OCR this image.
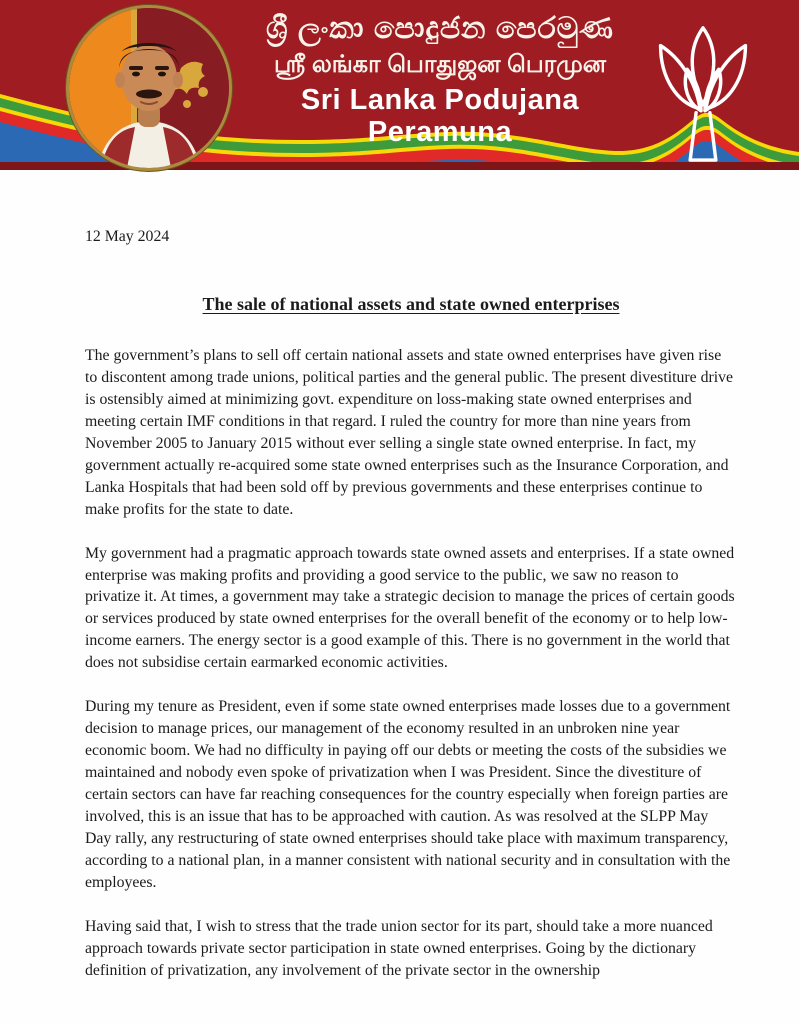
ශ්‍රී ලංකා පොදුජන පෙරමුණ
ஸ்ரீ லங்கா பொதுஜன பெரமுன
Sri Lanka Podujana Peramuna

12 May 2024

The sale of national assets and state owned enterprises

The government’s plans to sell off certain national assets and state owned enterprises have given rise to discontent among trade unions, political parties and the general public. The present divestiture drive is ostensibly aimed at minimizing govt. expenditure on loss-making state owned enterprises and meeting certain IMF conditions in that regard. I ruled the country for more than nine years from November 2005 to January 2015 without ever selling a single state owned enterprise. In fact, my government actually re-acquired some state owned enterprises such as the Insurance Corporation, and Lanka Hospitals that had been sold off by previous governments and these enterprises continue to make profits for the state to date.

My government had a pragmatic approach towards state owned assets and enterprises. If a state owned enterprise was making profits and providing a good service to the public, we saw no reason to privatize it. At times, a government may take a strategic decision to manage the prices of certain goods or services produced by state owned enterprises for the overall benefit of the economy or to help low-income earners. The energy sector is a good example of this. There is no government in the world that does not subsidise certain earmarked economic activities.

During my tenure as President, even if some state owned enterprises made losses due to a government decision to manage prices, our management of the economy resulted in an unbroken nine year economic boom. We had no difficulty in paying off our debts or meeting the costs of the subsidies we maintained and nobody even spoke of privatization when I was President. Since the divestiture of certain sectors can have far reaching consequences for the country especially when foreign parties are involved, this is an issue that has to be approached with caution. As was resolved at the SLPP May Day rally, any restructuring of state owned enterprises should take place with maximum transparency, according to a national plan, in a manner consistent with national security and in consultation with the employees.

Having said that, I wish to stress that the trade union sector for its part, should take a more nuanced approach towards private sector participation in state owned enterprises. Going by the dictionary definition of privatization, any involvement of the private sector in the ownership
